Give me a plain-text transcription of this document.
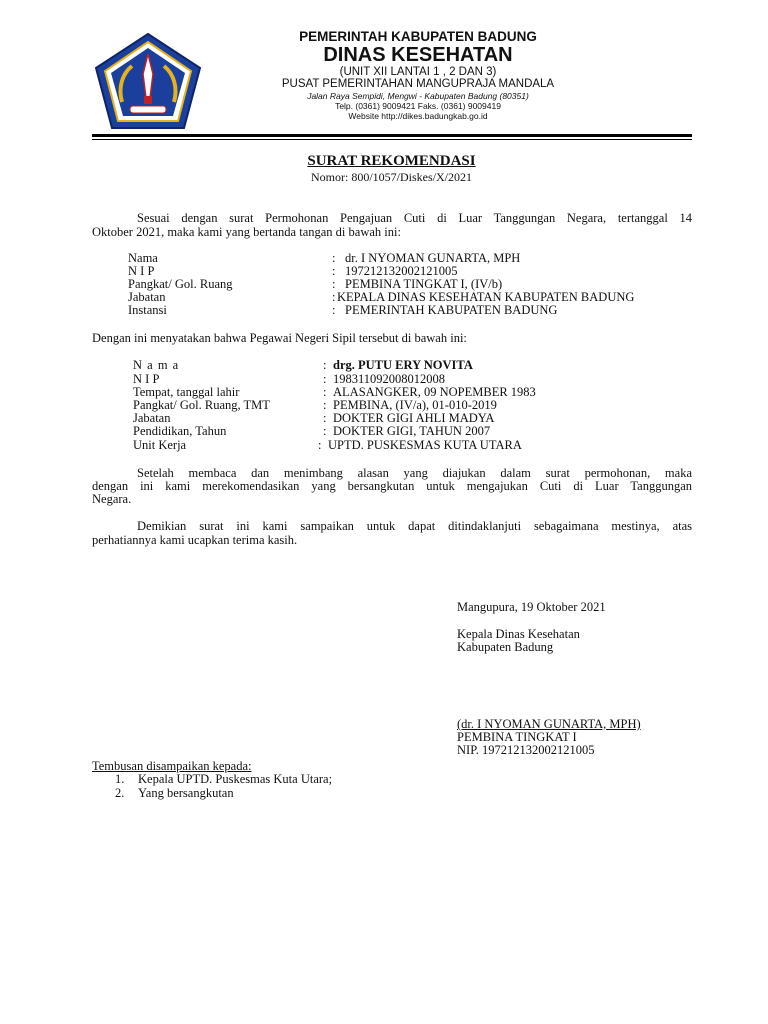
PEMERINTAH KABUPATEN BADUNG
DINAS KESEHATAN
(UNIT XII LANTAI 1 , 2 DAN 3)
PUSAT PEMERINTAHAN MANGUPRAJA MANDALA
Jalan Raya Sempidi, Mengwi - Kabupaten Badung (80351)
Telp. (0361) 9009421 Faks. (0361) 9009419
Website http://dikes.badungkab.go.id
SURAT REKOMENDASI
Nomor: 800/1057/Diskes/X/2021
Sesuai dengan surat Permohonan Pengajuan Cuti di Luar Tanggungan Negara, tertanggal 14
Oktober 2021, maka kami yang bertanda tangan di bawah ini:
Nama	: dr. I NYOMAN GUNARTA, MPH
N I P	: 197212132002121005
Pangkat/ Gol. Ruang	: PEMBINA TINGKAT I, (IV/b)
Jabatan	: KEPALA DINAS KESEHATAN KABUPATEN BADUNG
Instansi	: PEMERINTAH KABUPATEN BADUNG
Dengan ini menyatakan bahwa Pegawai Negeri Sipil tersebut di bawah ini:
N a m a	: drg. PUTU ERY NOVITA
N I P	: 198311092008012008
Tempat, tanggal lahir	: ALASANGKER, 09 NOPEMBER 1983
Pangkat/ Gol. Ruang, TMT	: PEMBINA, (IV/a), 01-010-2019
Jabatan	: DOKTER GIGI AHLI MADYA
Pendidikan, Tahun	: DOKTER GIGI, TAHUN 2007
Unit Kerja	: UPTD. PUSKESMAS KUTA UTARA
Setelah membaca dan menimbang alasan yang diajukan dalam surat permohonan, maka
dengan ini kami merekomendasikan yang bersangkutan untuk mengajukan Cuti di Luar Tanggungan
Negara.
Demikian surat ini kami sampaikan untuk dapat ditindaklanjuti sebagaimana mestinya, atas
perhatiannya kami ucapkan terima kasih.
Mangupura, 19 Oktober 2021
Kepala Dinas Kesehatan
Kabupaten Badung
(dr. I NYOMAN GUNARTA, MPH)
PEMBINA TINGKAT I
NIP. 197212132002121005
Tembusan disampaikan kepada:
1. Kepala UPTD. Puskesmas Kuta Utara;
2. Yang bersangkutan
